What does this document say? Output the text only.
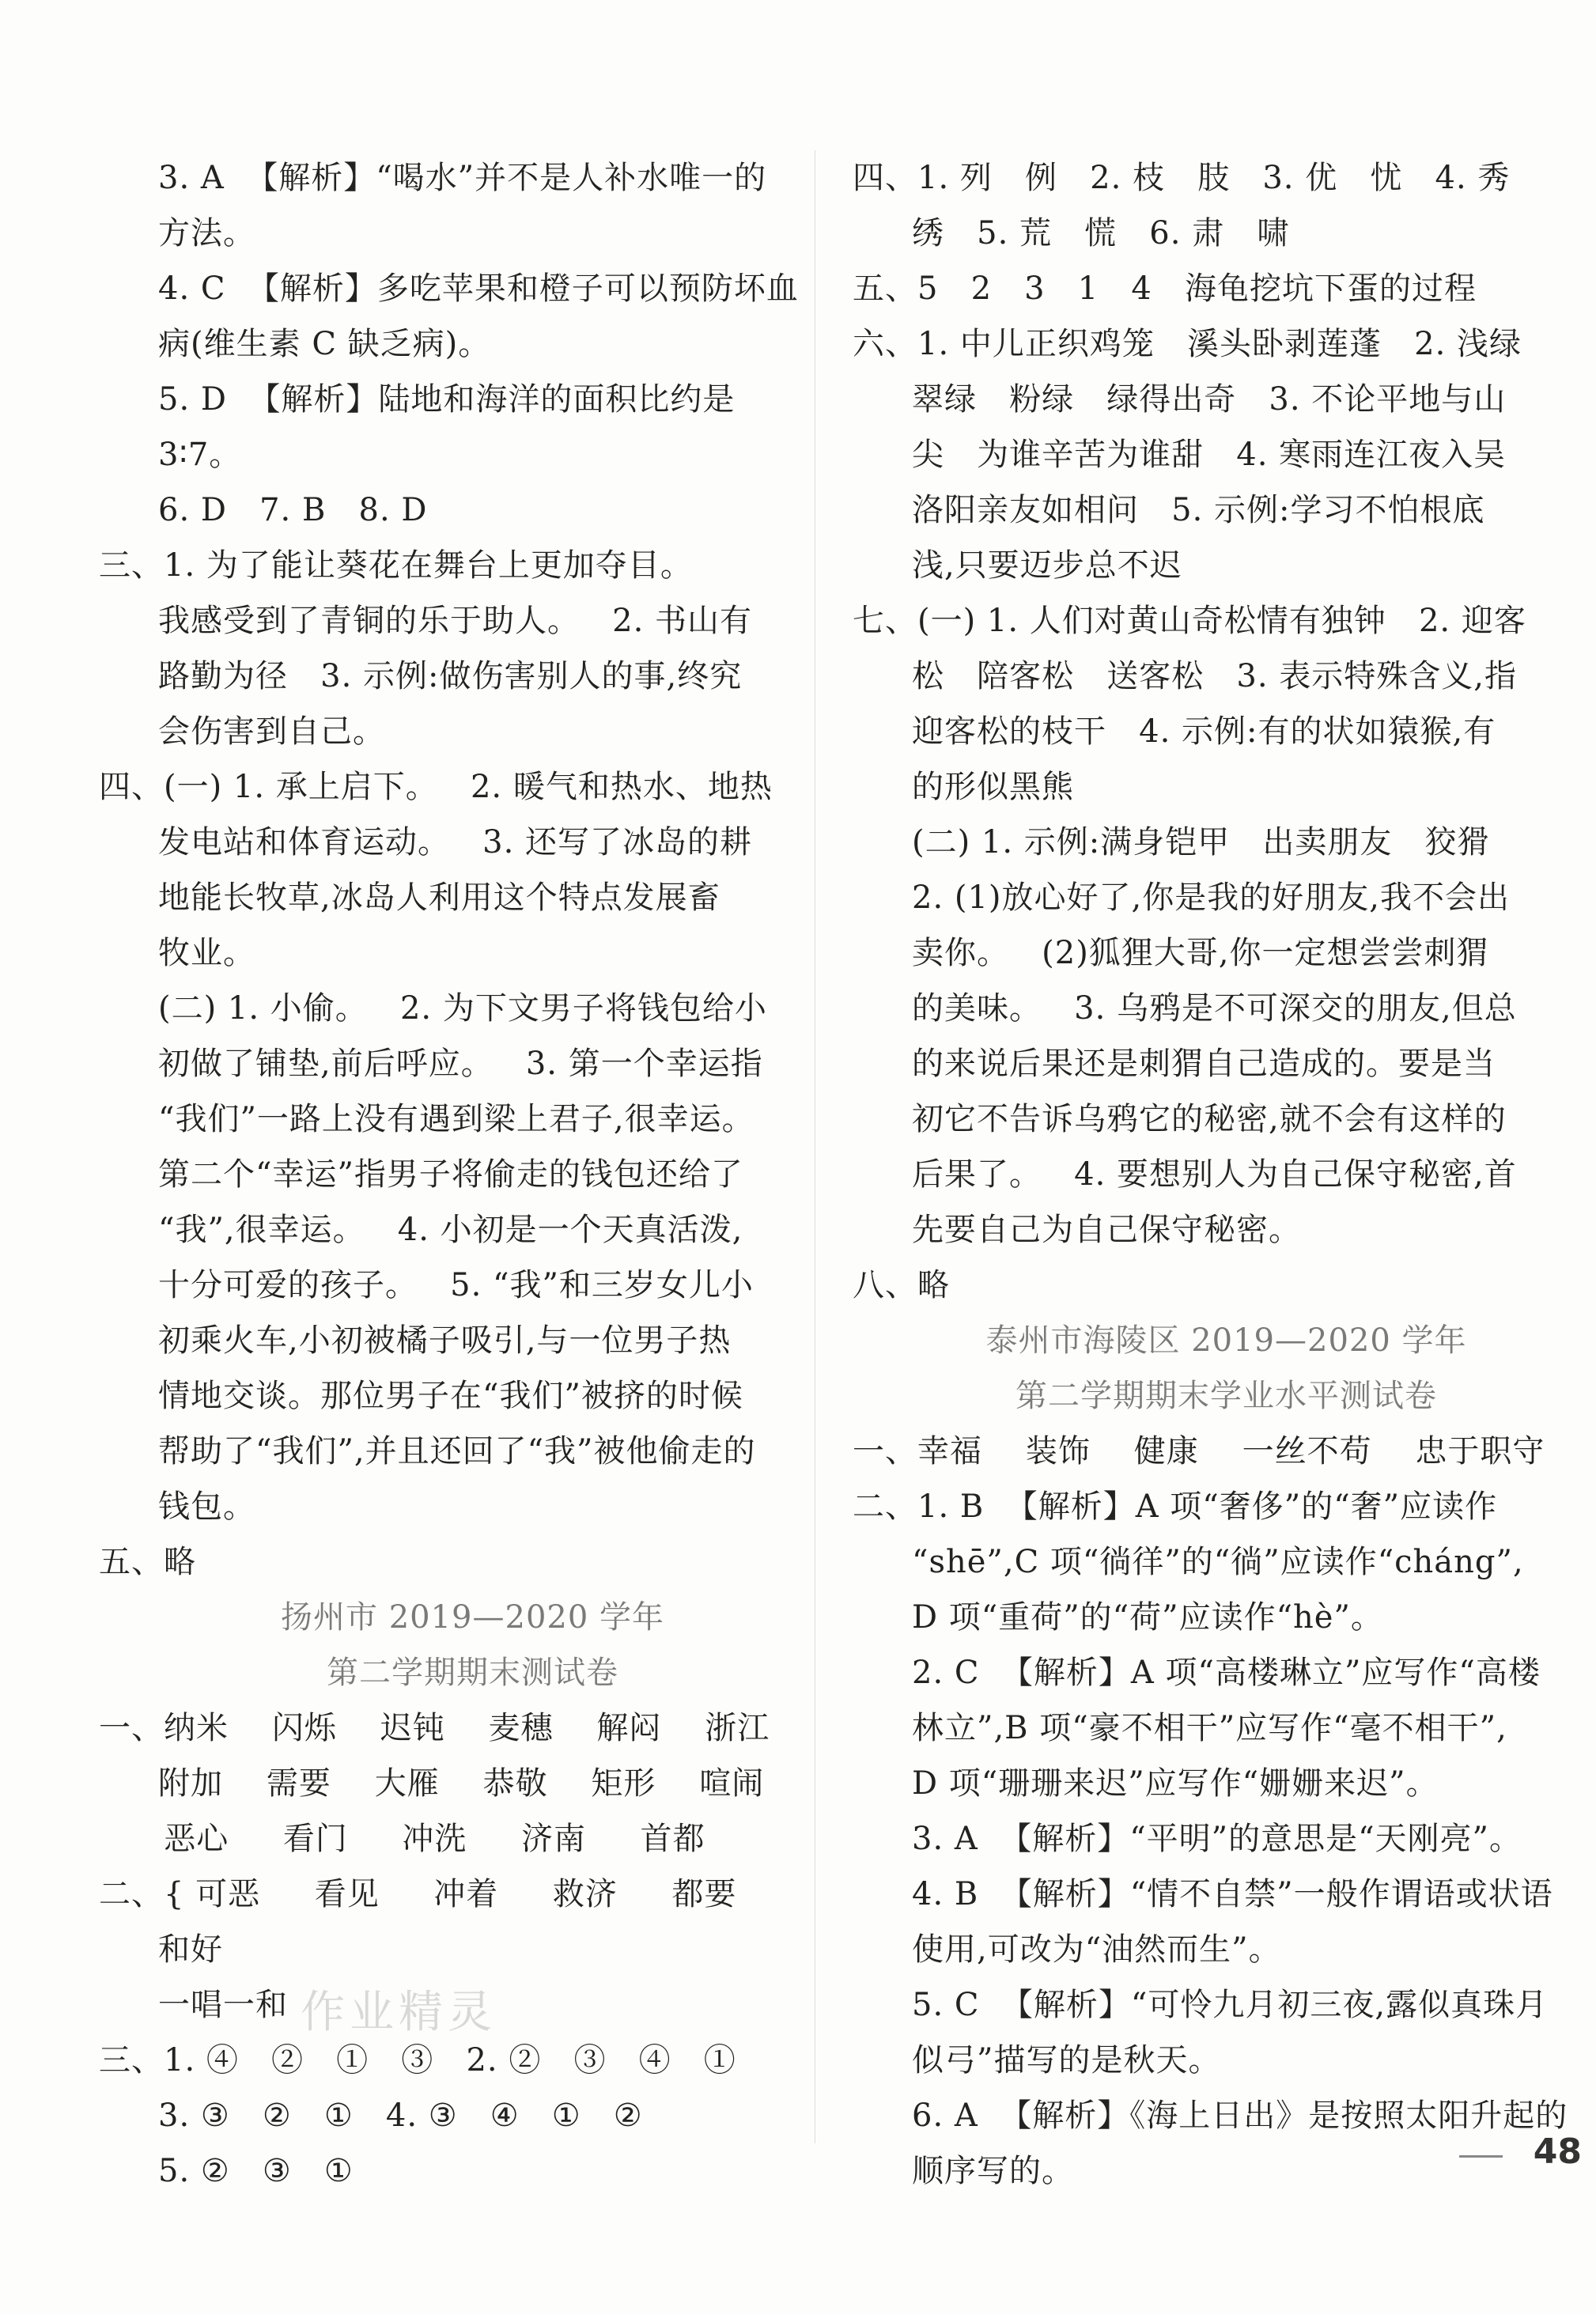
3. A  【解析】“喝水”并不是人补水唯一的
方法。
4. C  【解析】多吃苹果和橙子可以预防坏血
病(维生素 C 缺乏病)。
5. D  【解析】陆地和海洋的面积比约是
3∶7。
6. D   7. B   8. D
三、1. 为了能让葵花在舞台上更加夺目。
我感受到了青铜的乐于助人。   2. 书山有
路勤为径   3. 示例:做伤害别人的事,终究
会伤害到自己。
四、(一) 1. 承上启下。   2. 暖气和热水、地热
发电站和体育运动。   3. 还写了冰岛的耕
地能长牧草,冰岛人利用这个特点发展畜
牧业。
(二) 1. 小偷。   2. 为下文男子将钱包给小
初做了铺垫,前后呼应。   3. 第一个幸运指
“我们”一路上没有遇到梁上君子,很幸运。
第二个“幸运”指男子将偷走的钱包还给了
“我”,很幸运。   4. 小初是一个天真活泼,
十分可爱的孩子。   5. “我”和三岁女儿小
初乘火车,小初被橘子吸引,与一位男子热
情地交谈。那位男子在“我们”被挤的时候
帮助了“我们”,并且还回了“我”被他偷走的
钱包。
五、略
扬州市 2019—2020 学年
第二学期期末测试卷
一、纳米    闪烁    迟钝    麦穗    解闷    浙江
附加    需要    大雁    恭敬    矩形    喧闹
恶心     看门     冲洗     济南     首都
二、{ 可恶     看见     冲着     救济     都要
和好
一唱一和
三、1. ④   ②   ①   ③   2. ②   ③   ④   ①
3. ③   ②   ①   4. ③   ④   ①   ②
5. ②   ③   ①
四、1. 列   例   2. 枝   肢   3. 优   忧   4. 秀
绣   5. 荒   慌   6. 肃   啸
五、5   2   3   1   4   海龟挖坑下蛋的过程
六、1. 中儿正织鸡笼   溪头卧剥莲蓬   2. 浅绿
翠绿   粉绿   绿得出奇   3. 不论平地与山
尖   为谁辛苦为谁甜   4. 寒雨连江夜入吴
洛阳亲友如相问   5. 示例:学习不怕根底
浅,只要迈步总不迟
七、(一) 1. 人们对黄山奇松情有独钟   2. 迎客
松   陪客松   送客松   3. 表示特殊含义,指
迎客松的枝干   4. 示例:有的状如猿猴,有
的形似黑熊
(二) 1. 示例:满身铠甲   出卖朋友   狡猾
2. (1)放心好了,你是我的好朋友,我不会出
卖你。   (2)狐狸大哥,你一定想尝尝刺猬
的美味。   3. 乌鸦是不可深交的朋友,但总
的来说后果还是刺猬自己造成的。要是当
初它不告诉乌鸦它的秘密,就不会有这样的
后果了。   4. 要想别人为自己保守秘密,首
先要自己为自己保守秘密。
八、略
泰州市海陵区 2019—2020 学年
第二学期期末学业水平测试卷
一、幸福    装饰    健康    一丝不苟    忠于职守
二、1. B  【解析】A 项“奢侈”的“奢”应读作
“shē”,C 项“徜徉”的“徜”应读作“cháng”,
D 项“重荷”的“荷”应读作“hè”。
2. C  【解析】A 项“高楼琳立”应写作“高楼
林立”,B 项“豪不相干”应写作“毫不相干”,
D 项“珊珊来迟”应写作“姗姗来迟”。
3. A  【解析】“平明”的意思是“天刚亮”。
4. B  【解析】“情不自禁”一般作谓语或状语
使用,可改为“油然而生”。
5. C  【解析】“可怜九月初三夜,露似真珠月
似弓”描写的是秋天。
6. A  【解析】《海上日出》是按照太阳升起的
顺序写的。
作业精灵
48
